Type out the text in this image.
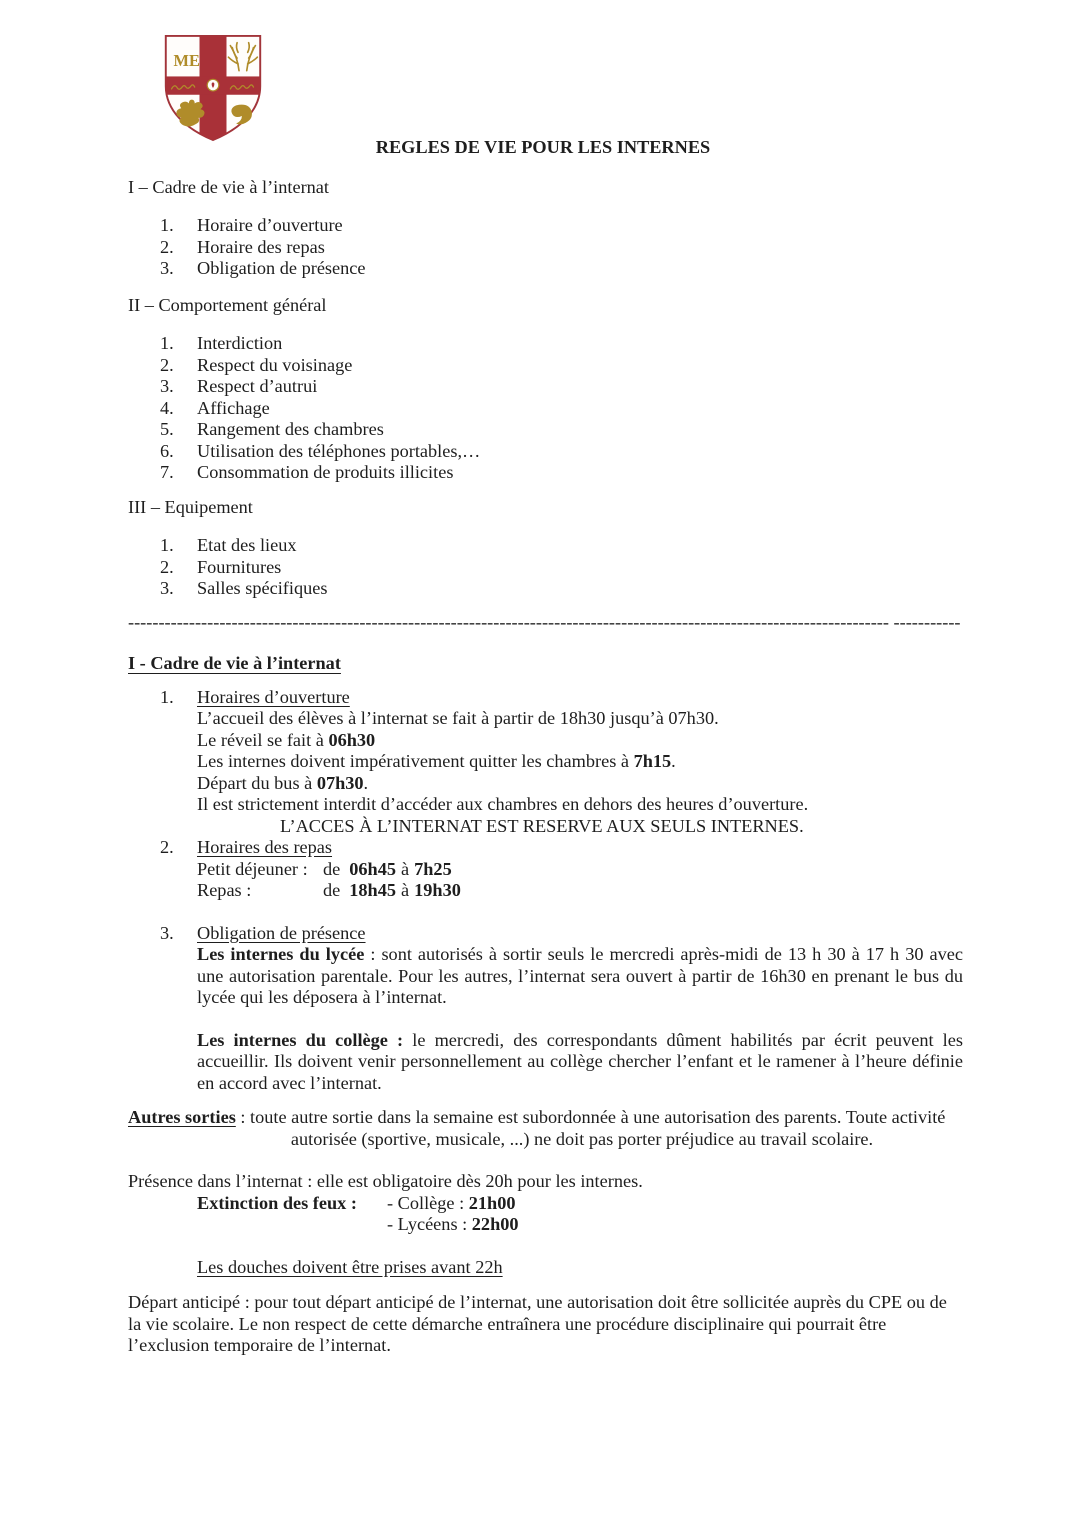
ME
REGLES DE VIE POUR LES INTERNES
I – Cadre de vie à l’internat
1.	Horaire d’ouverture
2.	Horaire des repas
3.	Obligation de présence
II – Comportement général
1.	Interdiction
2.	Respect du voisinage
3.	Respect d’autrui
4.	Affichage
5.	Rangement des chambres
6.	Utilisation des téléphones portables,…
7.	Consommation de produits illicites
III – Equipement
1.	Etat des lieux
2.	Fournitures
3.	Salles spécifiques
----------------------------------------------------------------------------------------------------------------------------- -----------
I - Cadre de vie à l’internat
1.	Horaires d’ouverture
L’accueil des élèves à l’internat se fait à partir de 18h30 jusqu’à 07h30.
Le réveil se fait à 06h30
Les internes doivent impérativement quitter les chambres à 7h15.
Départ du bus à 07h30.
Il est strictement interdit d’accéder aux chambres en dehors des heures d’ouverture.
L’ACCES À L’INTERNAT EST RESERVE AUX SEULS INTERNES.
2.	Horaires des repas
Petit déjeuner : de 06h45 à 7h25
Repas :	de 18h45 à 19h30
3.	Obligation de présence
Les internes du lycée : sont autorisés à sortir seuls le mercredi après-midi de 13 h 30 à 17 h 30 avec
une autorisation parentale. Pour les autres, l’internat sera ouvert à partir de 16h30 en prenant le bus du
lycée qui les déposera à l’internat.
Les internes du collège : le mercredi, des correspondants dûment habilités par écrit peuvent les
accueillir. Ils doivent venir personnellement au collège chercher l’enfant et le ramener à l’heure définie
en accord avec l’internat.
Autres sorties : toute autre sortie dans la semaine est subordonnée à une autorisation des parents. Toute activité
autorisée (sportive, musicale, ...) ne doit pas porter préjudice au travail scolaire.
Présence dans l’internat : elle est obligatoire dès 20h pour les internes.
Extinction des feux : - Collège : 21h00
- Lycéens : 22h00
Les douches doivent être prises avant 22h
Départ anticipé : pour tout départ anticipé de l’internat, une autorisation doit être sollicitée auprès du CPE ou de
la vie scolaire. Le non respect de cette démarche entraînera une procédure disciplinaire qui pourrait être
l’exclusion temporaire de l’internat.
